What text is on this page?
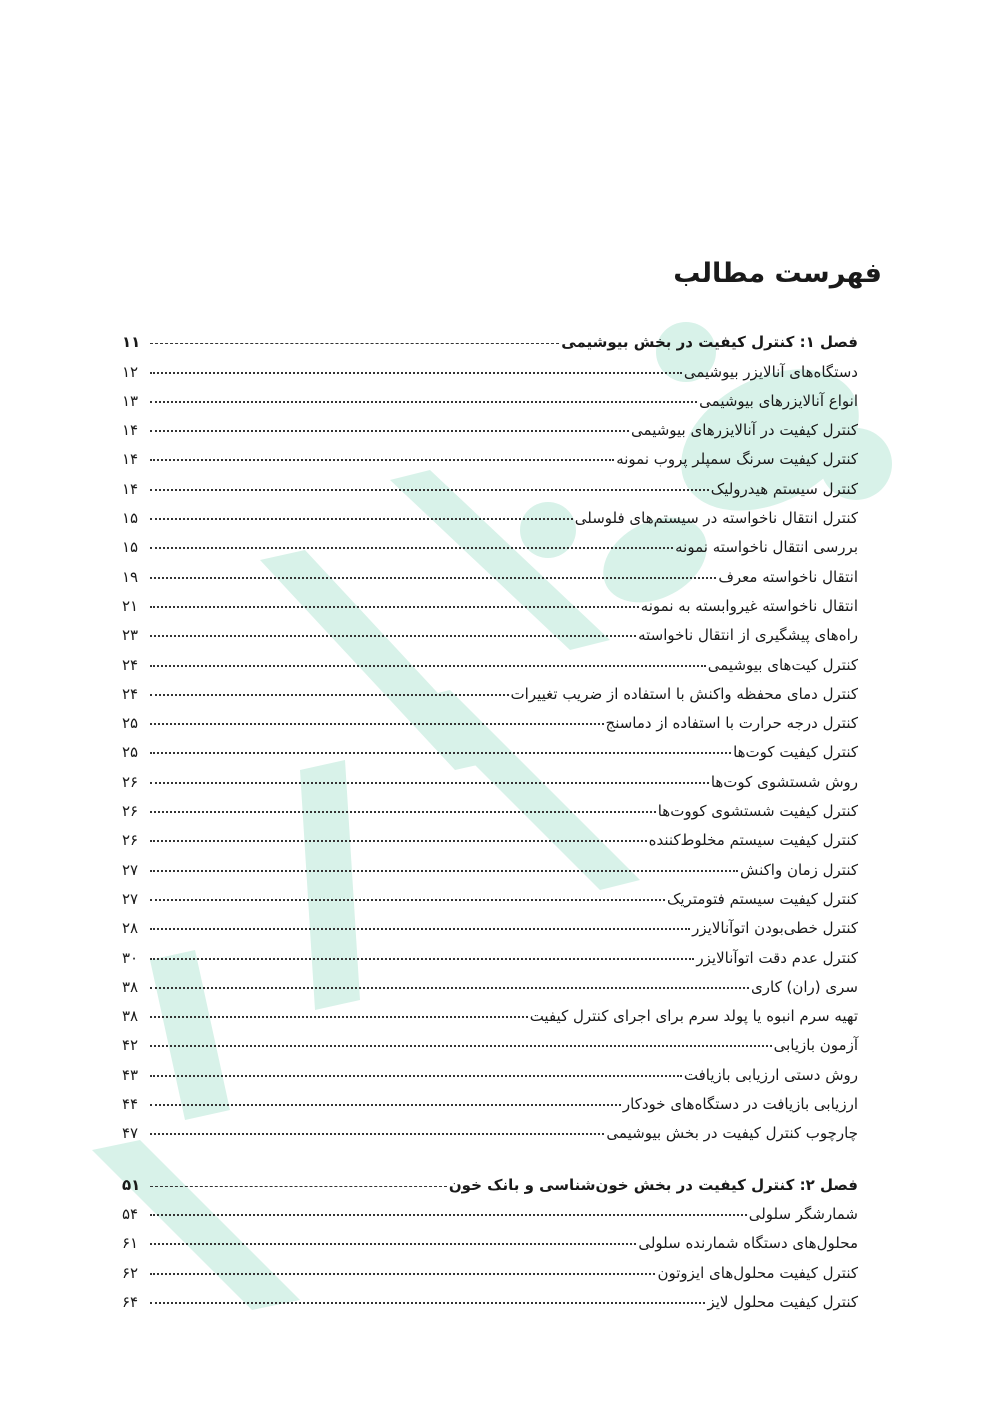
فهرست مطالب
فصل ۱: کنترل کیفیت در بخش بیوشیمی
۱۱
دستگاه‌های آنالایزر بیوشیمی
۱۲
انواع آنالایزرهای بیوشیمی
۱۳
کنترل کیفیت در آنالایزرهای بیوشیمی
۱۴
کنترل کیفیت سرنگ سمپلر پروب نمونه
۱۴
کنترل سیستم هیدرولیک
۱۴
کنترل انتقال ناخواسته در سیستم‌های فلوسلی
۱۵
بررسی انتقال ناخواسته نمونه
۱۵
انتقال ناخواسته معرف
۱۹
انتقال ناخواسته غیروابسته به نمونه
۲۱
راه‌های پیشگیری از انتقال ناخواسته
۲۳
کنترل کیت‌های بیوشیمی
۲۴
کنترل دمای محفظه واکنش با استفاده از ضریب تغییرات
۲۴
کنترل درجه حرارت با استفاده از دماسنج
۲۵
کنترل کیفیت کوت‌ها
۲۵
روش شستشوی کوت‌ها
۲۶
کنترل کیفیت شستشوی کووت‌ها
۲۶
کنترل کیفیت سیستم مخلوط‌کننده
۲۶
کنترل زمان واکنش
۲۷
کنترل کیفیت سیستم فتومتریک
۲۷
کنترل خطی‌بودن اتوآنالایزر
۲۸
کنترل عدم دقت اتوآنالایزر
۳۰
سری (ران) کاری
۳۸
تهیه سرم انبوه یا پولد سرم برای اجرای کنترل کیفیت
۳۸
آزمون بازیابی
۴۲
روش دستی ارزیابی بازیافت
۴۳
ارزیابی بازیافت در دستگاه‌های خودکار
۴۴
چارچوب کنترل کیفیت در بخش بیوشیمی
۴۷
فصل ۲: کنترل کیفیت در بخش خون‌شناسی و بانک خون
۵۱
شمارشگر سلولی
۵۴
محلول‌های دستگاه شمارنده سلولی
۶۱
کنترل کیفیت محلول‌های ایزوتون
۶۲
کنترل کیفیت محلول لایز
۶۴
